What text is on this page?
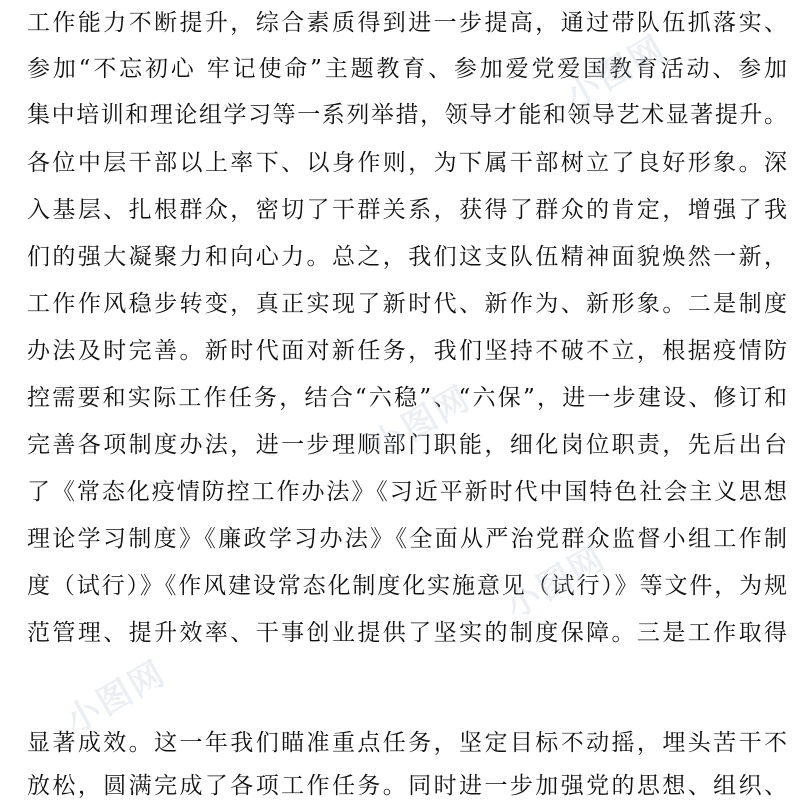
工作能力不断提升，综合素质得到进一步提高，通过带队伍抓落实、
参加“不忘初心 牢记使命”主题教育、参加爱党爱国教育活动、参加
集中培训和理论组学习等一系列举措，领导才能和领导艺术显著提升。
各位中层干部以上率下、以身作则，为下属干部树立了良好形象。深
入基层、扎根群众，密切了干群关系，获得了群众的肯定，增强了我
们的强大凝聚力和向心力。总之，我们这支队伍精神面貌焕然一新，
工作作风稳步转变，真正实现了新时代、新作为、新形象。二是制度
办法及时完善。新时代面对新任务，我们坚持不破不立，根据疫情防
控需要和实际工作任务，结合“六稳”、“六保”，进一步建设、修订和
完善各项制度办法，进一步理顺部门职能，细化岗位职责，先后出台
了《常态化疫情防控工作办法》《习近平新时代中国特色社会主义思想
理论学习制度》《廉政学习办法》《全面从严治党群众监督小组工作制
度（试行）》《作风建设常态化制度化实施意见（试行）》等文件，为规
范管理、提升效率、干事创业提供了坚实的制度保障。三是工作取得
显著成效。这一年我们瞄准重点任务，坚定目标不动摇，埋头苦干不
放松，圆满完成了各项工作任务。同时进一步加强党的思想、组织、
小图网
小图网
小图网
小图网
